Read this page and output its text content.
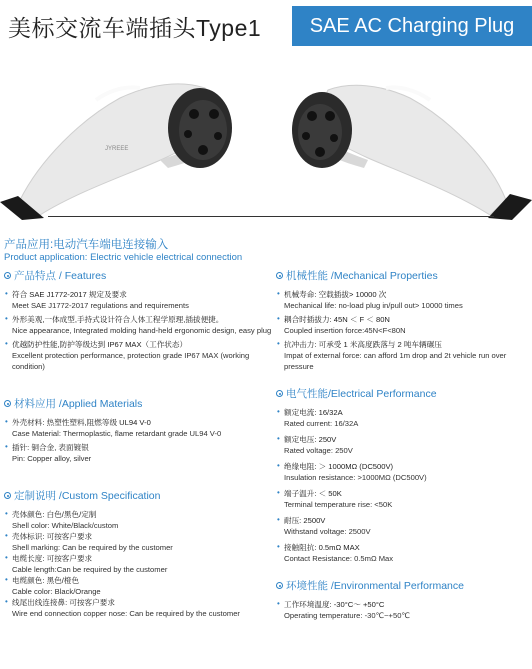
美标交流车端插头Type1	SAE AC Charging Plug
JYREEE
产品应用:电动汽车端电连接输入
Product application: Electric vehicle electrical connection
产品特点 / Features
• 符合 SAE J1772-2017 规定及要求
Meet SAE J1772-2017 regulations and requirements
• 外形美观,一体成型,手持式设计符合人体工程学原理,插拔便捷。
Nice appearance, Integrated molding hand-held ergonomic design, easy plug
• 优越防护性能,防护等级达到 IP67 MAX（工作状态）
Excellent protection performance, protection grade IP67 MAX (working condition)
材料应用 /Applied Materials
• 外壳材料: 热塑性塑料,阻燃等级 UL94 V-0
Case Material: Thermoplastic, flame retardant grade UL94 V-0
• 插针: 铜合金, 表面镀银
Pin: Copper alloy, silver
定制说明 /Custom Specification
• 壳体颜色: 白色/黑色/定制
Shell color: White/Black/custom
• 壳体标识: 可按客户要求
Shell marking: Can be required by the customer
• 电缆长度: 可按客户要求
Cable length:Can be required by the customer
• 电缆颜色: 黑色/橙色
Cable color: Black/Orange
• 线尾出线连接鼻: 可按客户要求
Wire end connection copper nose: Can be required by the customer
机械性能 /Mechanical Properties
• 机械寿命: 空载插拔> 10000 次
Mechanical life: no-load plug in/pull out> 10000 times
• 耦合时插拔力: 45N ＜ F ＜ 80N
Coupled insertion force:45N<F<80N
• 抗冲击力: 可承受 1 米高度跌落与 2 吨车辆碾压
Impat of external force: can afford 1m drop and 2t vehicle run over pressure
电气性能/Electrical Performance
• 额定电流: 16/32A
Rated current: 16/32A
• 额定电压: 250V
Rated voltage: 250V
• 绝缘电阻: ＞ 1000MΩ (DC500V)
Insulation resistance: >1000MΩ (DC500V)
• 端子温升: ＜ 50K
Terminal temperature rise: <50K
• 耐压: 2500V
Withstand voltage: 2500V
• 接触阻抗: 0.5mΩ MAX
Contact Resistance: 0.5mΩ Max
环境性能 /Environmental Performance
• 工作环境温度: -30°C～ +50°C
Operating temperature: -30℃~+50℃
